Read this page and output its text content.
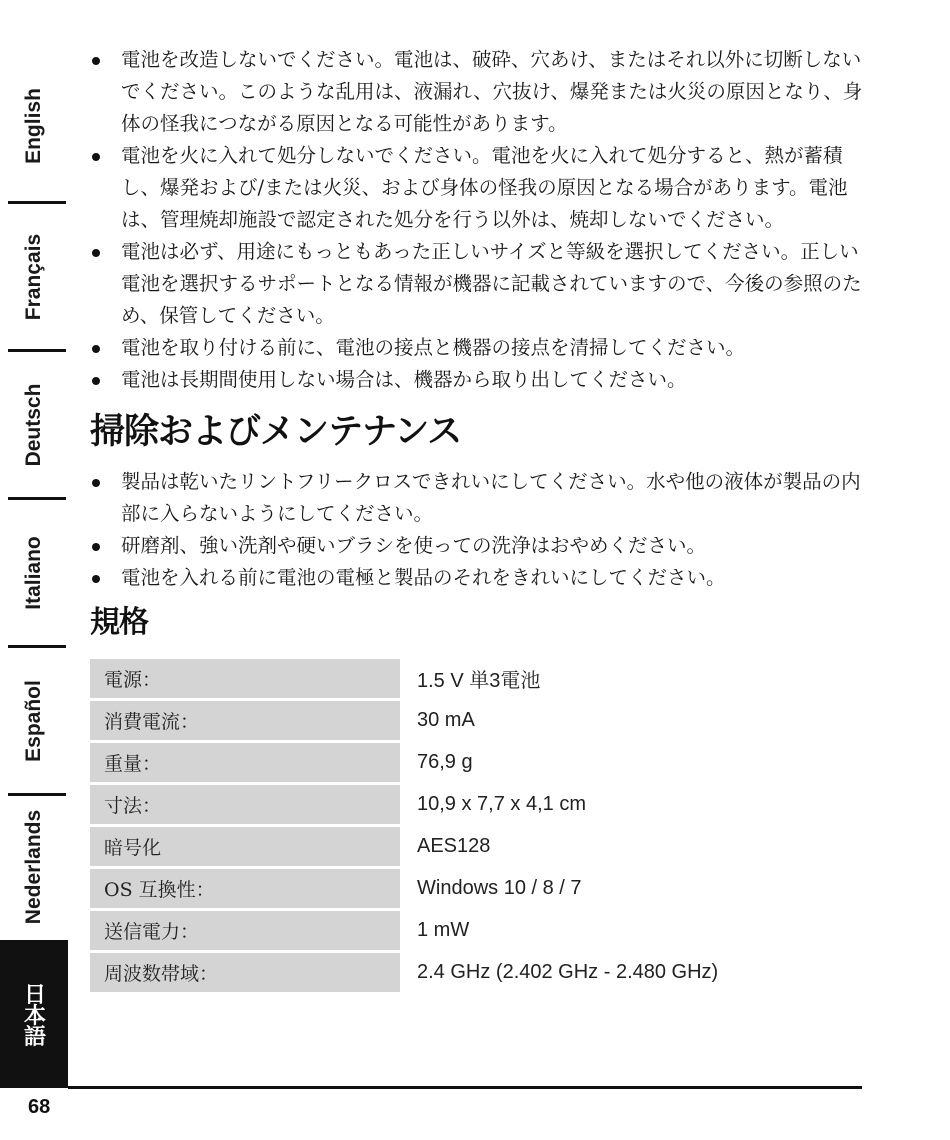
English
Français
Deutsch
Italiano
Español
Nederlands
日本語
電池を改造しないでください。電池は、破砕、穴あけ、またはそれ以外に切断しないでください。このような乱用は、液漏れ、穴抜け、爆発または火災の原因となり、身体の怪我につながる原因となる可能性があります。
電池を火に入れて処分しないでください。電池を火に入れて処分すると、熱が蓄積し、爆発および/または火災、および身体の怪我の原因となる場合があります。電池は、管理焼却施設で認定された処分を行う以外は、焼却しないでください。
電池は必ず、用途にもっともあった正しいサイズと等級を選択してください。正しい電池を選択するサポートとなる情報が機器に記載されていますので、今後の参照のため、保管してください。
電池を取り付ける前に、電池の接点と機器の接点を清掃してください。
電池は長期間使用しない場合は、機器から取り出してください。
掃除およびメンテナンス
製品は乾いたリントフリークロスできれいにしてください。水や他の液体が製品の内部に入らないようにしてください。
研磨剤、強い洗剤や硬いブラシを使っての洗浄はおやめください。
電池を入れる前に電池の電極と製品のそれをきれいにしてください。
規格
電源：		1.5 V 単3電池
消費電流：		30 mA
重量：		76,9 g
寸法：		10,9 x 7,7 x 4,1 cm
暗号化		AES128
OS 互換性：		Windows 10 / 8 / 7
送信電力：		1 mW
周波数帯域：		2.4 GHz (2.402 GHz - 2.480 GHz)
68
